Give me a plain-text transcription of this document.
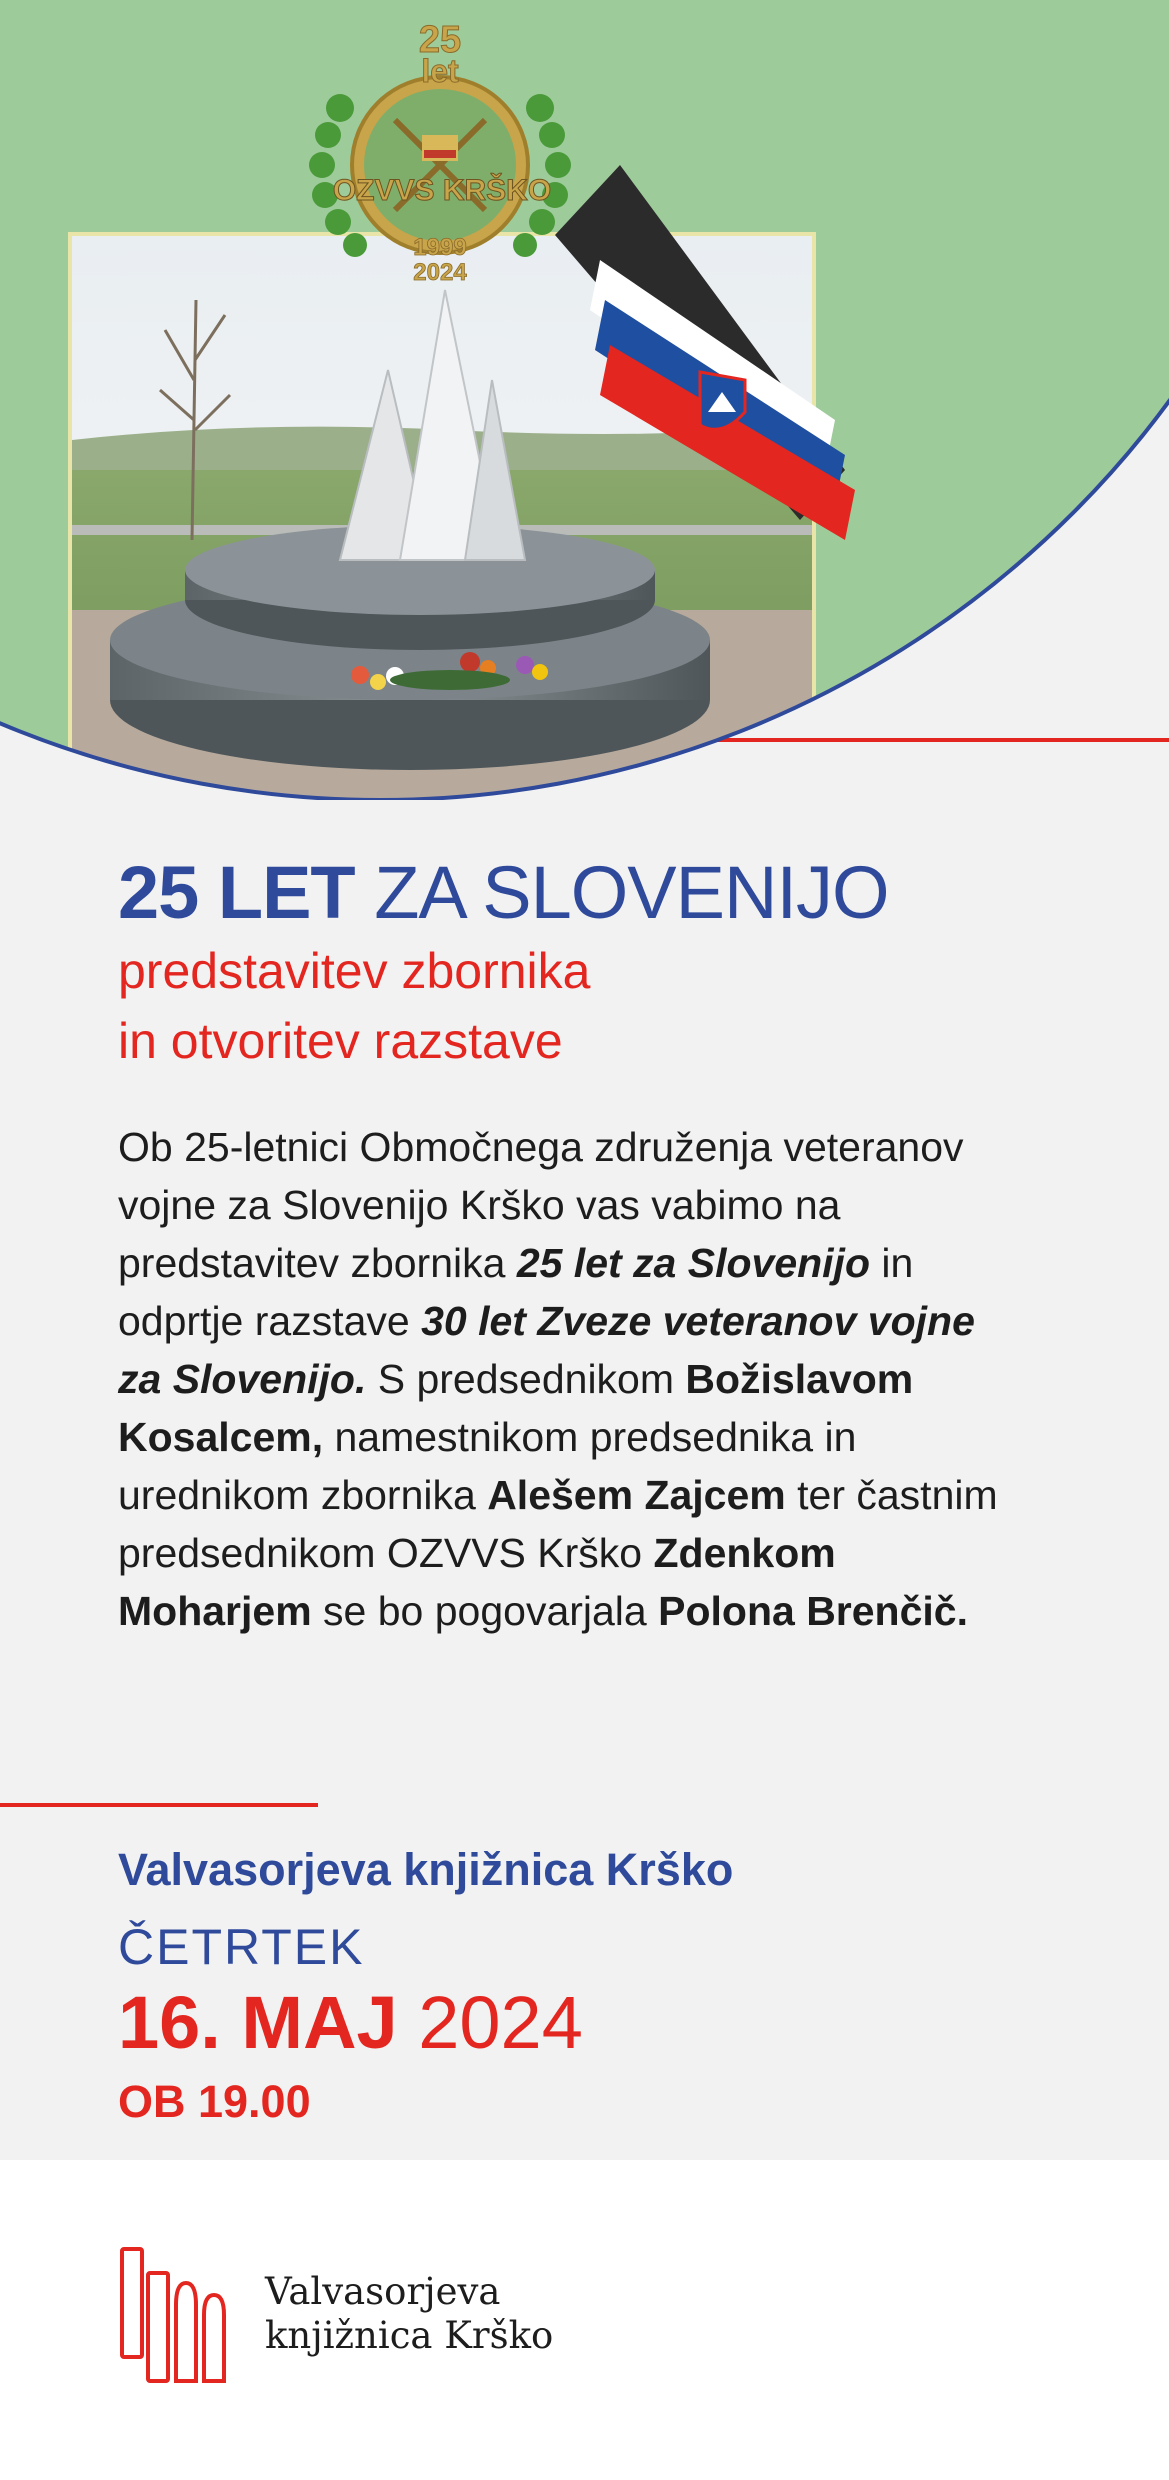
25
let
OZVVS KRŠKO
1999
2024
25 LET ZA SLOVENIJO
predstavitev zbornika
in otvoritev razstave
Ob 25-letnici Območnega združenja veteranov vojne za Slovenijo Krško vas vabimo na predstavitev zbornika 25 let za Slovenijo in odprtje razstave 30 let Zveze veteranov vojne za Slovenijo. S predsednikom Božislavom Kosalcem, namestnikom predsednika in urednikom zbornika Alešem Zajcem ter častnim predsednikom OZVVS Krško Zdenkom Moharjem se bo pogovarjala Polona Brenčič.
Valvasorjeva knjižnica Krško
ČETRTEK
16. MAJ 2024
OB 19.00
Valvasorjeva
knjižnica Krško
